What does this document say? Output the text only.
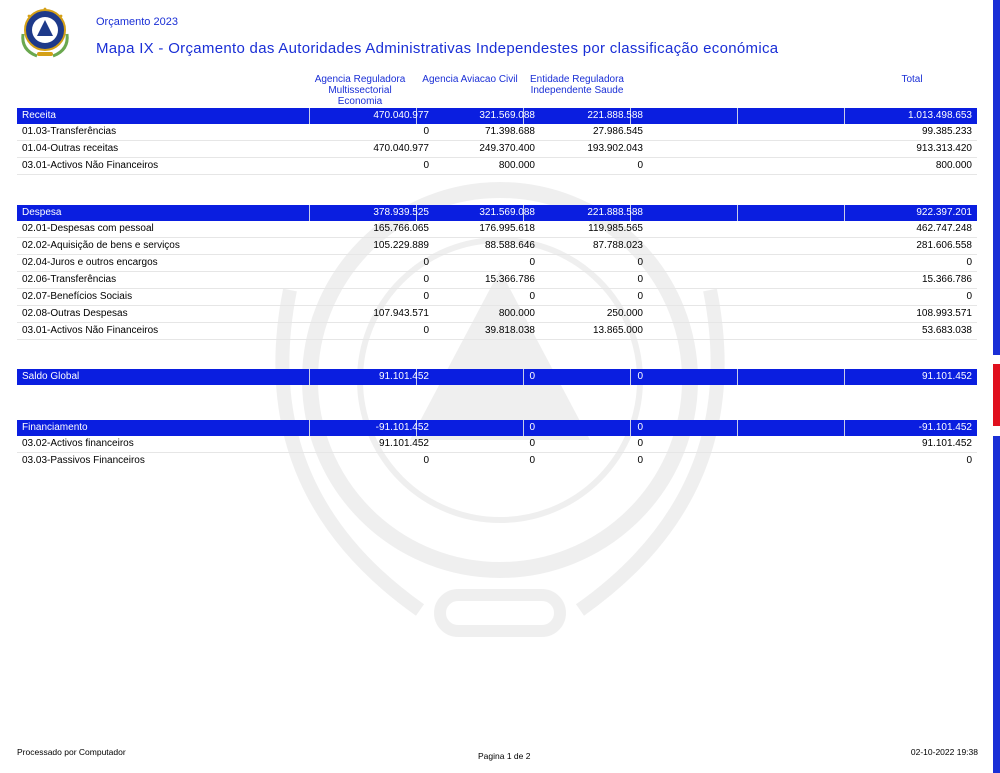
Orçamento 2023
Mapa IX - Orçamento das Autoridades Administrativas Independestes por classificação económica
Agencia Reguladora Multissectorial Economia
Agencia Aviacao Civil	Entidade Reguladora Independente Saude
Total
Receita	470.040.977	321.569.088	221.888.588	1.013.498.653
01.03-Transferências	0	71.398.688	27.986.545	99.385.233
01.04-Outras receitas	470.040.977	249.370.400	193.902.043	913.313.420
03.01-Activos Não Financeiros	0	800.000	0	800.000
Despesa	378.939.525	321.569.088	221.888.588	922.397.201
02.01-Despesas com pessoal	165.766.065	176.995.618	119.985.565	462.747.248
02.02-Aquisição de bens e serviços	105.229.889	88.588.646	87.788.023	281.606.558
02.04-Juros e outros encargos	0	0	0	0
02.06-Transferências	0	15.366.786	0	15.366.786
02.07-Benefícios Sociais	0	0	0	0
02.08-Outras Despesas	107.943.571	800.000	250.000	108.993.571
03.01-Activos Não Financeiros	0	39.818.038	13.865.000	53.683.038
Saldo Global	91.101.452	0	0	91.101.452
Financiamento	-91.101.452	0	0	-91.101.452
03.02-Activos financeiros	91.101.452	0	0	91.101.452
03.03-Passivos Financeiros	0	0	0	0
Processado por Computador	Pagina 1 de 2	02-10-2022 19:38
